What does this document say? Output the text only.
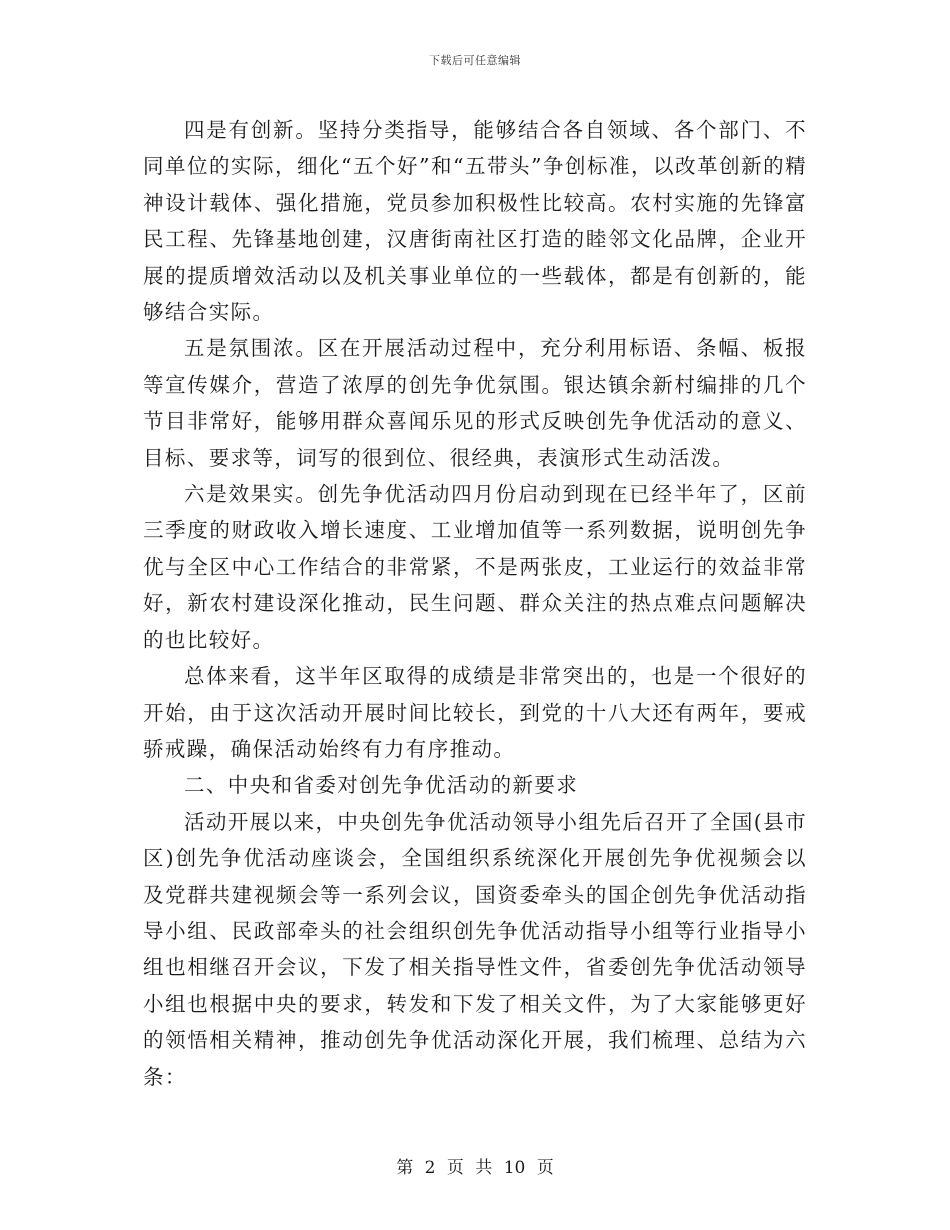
下载后可任意编辑

四是有创新。坚持分类指导，能够结合各自领域、各个部门、不同单位的实际，细化“五个好”和“五带头”争创标准，以改革创新的精神设计载体、强化措施，党员参加积极性比较高。农村实施的先锋富民工程、先锋基地创建，汉唐街南社区打造的睦邻文化品牌，企业开展的提质增效活动以及机关事业单位的一些载体，都是有创新的，能够结合实际。

五是氛围浓。区在开展活动过程中，充分利用标语、条幅、板报等宣传媒介，营造了浓厚的创先争优氛围。银达镇余新村编排的几个节目非常好，能够用群众喜闻乐见的形式反映创先争优活动的意义、目标、要求等，词写的很到位、很经典，表演形式生动活泼。

六是效果实。创先争优活动四月份启动到现在已经半年了，区前三季度的财政收入增长速度、工业增加值等一系列数据，说明创先争优与全区中心工作结合的非常紧，不是两张皮，工业运行的效益非常好，新农村建设深化推动，民生问题、群众关注的热点难点问题解决的也比较好。

总体来看，这半年区取得的成绩是非常突出的，也是一个很好的开始，由于这次活动开展时间比较长，到党的十八大还有两年，要戒骄戒躁，确保活动始终有力有序推动。

二、中央和省委对创先争优活动的新要求

活动开展以来，中央创先争优活动领导小组先后召开了全国(县市区)创先争优活动座谈会，全国组织系统深化开展创先争优视频会以及党群共建视频会等一系列会议，国资委牵头的国企创先争优活动指导小组、民政部牵头的社会组织创先争优活动指导小组等行业指导小组也相继召开会议，下发了相关指导性文件，省委创先争优活动领导小组也根据中央的要求，转发和下发了相关文件，为了大家能够更好的领悟相关精神，推动创先争优活动深化开展，我们梳理、总结为六条：

第 2 页 共 10 页
